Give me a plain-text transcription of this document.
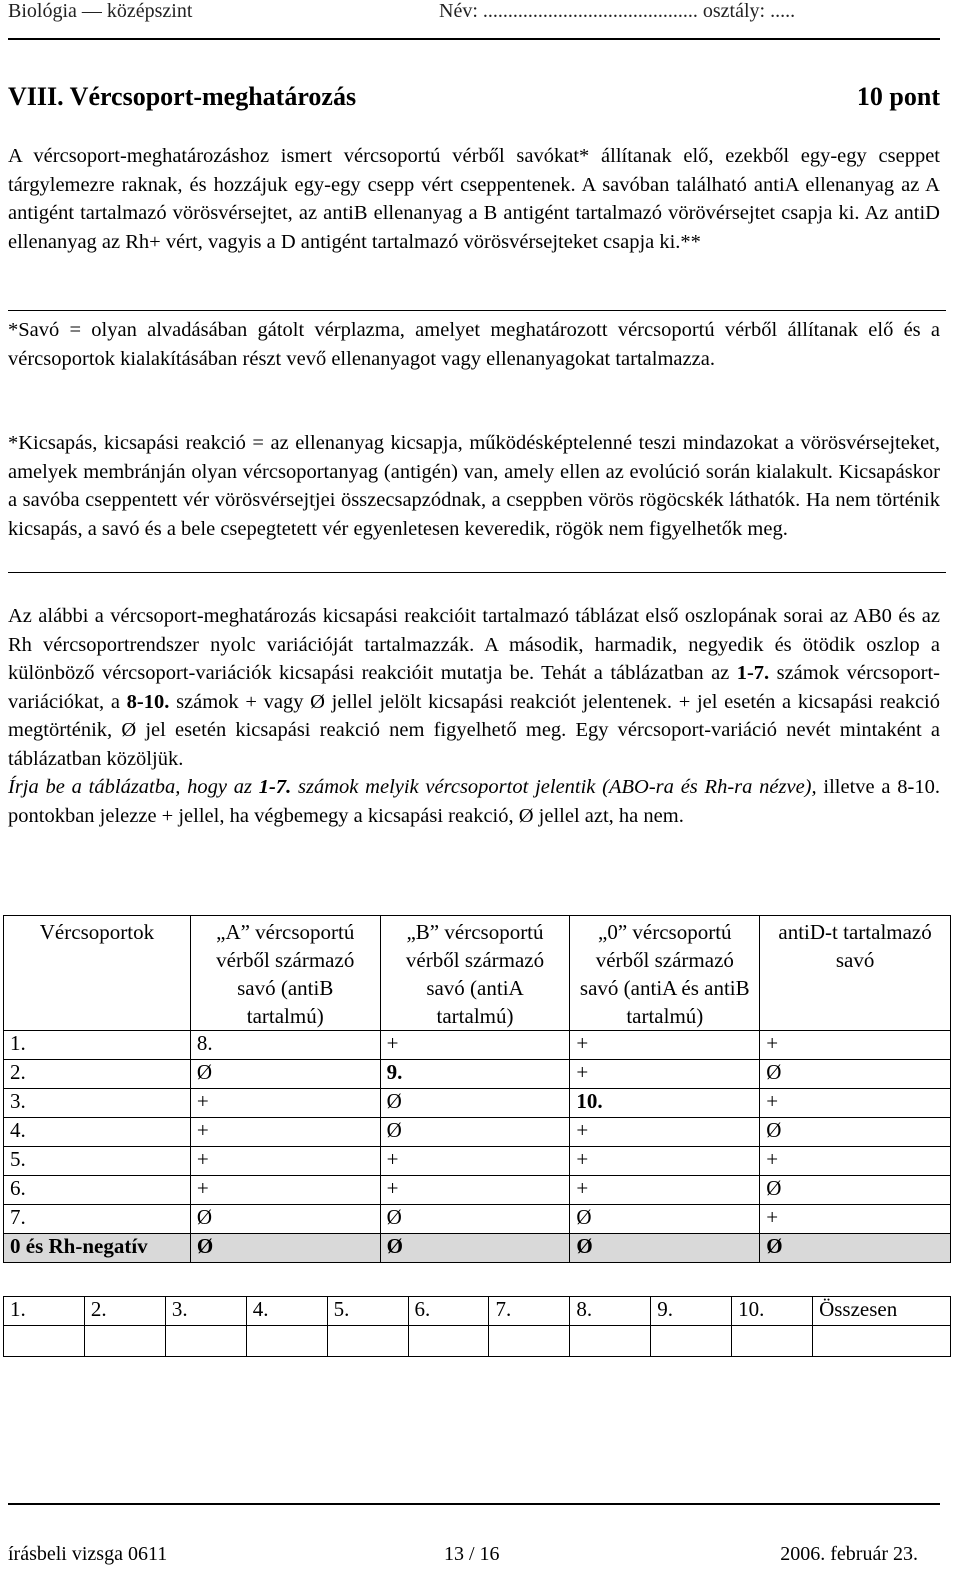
Biológia — középszint	Név: ........................................... osztály: .....
VIII. Vércsoport-meghatározás	10 pont

A vércsoport-meghatározáshoz ismert vércsoportú vérből savókat* állítanak elő, ezekből egy-egy cseppet tárgylemezre raknak, és hozzájuk egy-egy csepp vért cseppentenek. A savóban található antiA ellenanyag az A antigént tartalmazó vörösvérsejtet, az antiB ellenanyag a B antigént tartalmazó vörövérsejtet csapja ki. Az antiD ellenanyag az Rh+ vért, vagyis a D antigént tartalmazó vörösvérsejteket csapja ki.**

*Savó = olyan alvadásában gátolt vérplazma, amelyet meghatározott vércsoportú vérből állítanak elő és a vércsoportok kialakításában részt vevő ellenanyagot vagy ellenanyagokat tartalmazza.

*Kicsapás, kicsapási reakció = az ellenanyag kicsapja, működésképtelenné teszi mindazokat a vörösvérsejteket, amelyek membránján olyan vércsoportanyag (antigén) van, amely ellen az evolúció során kialakult. Kicsapáskor a savóba cseppentett vér vörösvérsejtjei összecsapzódnak, a cseppben vörös rögöcskék láthatók. Ha nem történik kicsapás, a savó és a bele csepegtetett vér egyenletesen keveredik, rögök nem figyelhetők meg.

Az alábbi a vércsoport-meghatározás kicsapási reakcióit tartalmazó táblázat első oszlopának sorai az AB0 és az Rh vércsoportrendszer nyolc variációját tartalmazzák. A második, harmadik, negyedik és ötödik oszlop a különböző vércsoport-variációk kicsapási reakcióit mutatja be. Tehát a táblázatban az 1-7. számok vércsoport-variációkat, a 8-10. számok + vagy Ø jellel jelölt kicsapási reakciót jelentenek. + jel esetén a kicsapási reakció megtörténik, Ø jel esetén kicsapási reakció nem figyelhető meg. Egy vércsoport-variáció nevét mintaként a táblázatban közöljük.

Írja be a táblázatba, hogy az 1-7. számok melyik vércsoportot jelentik (ABO-ra és Rh-ra nézve), illetve a 8-10. pontokban jelezze + jellel, ha végbemegy a kicsapási reakció, Ø jellel azt, ha nem.

Vércsoportok	„A” vércsoportú vérből származó savó (antiB tartalmú)	„B” vércsoportú vérből származó savó (antiA tartalmú)	„0” vércsoportú vérből származó savó (antiA és antiB tartalmú)	antiD-t tartalmazó savó
1.	8.	+	+	+
2.	Ø	9.	+	Ø
3.	+	Ø	10.	+
4.	+	Ø	+	Ø
5.	+	+	+	+
6.	+	+	+	Ø
7.	Ø	Ø	Ø	+
0 és Rh-negatív	Ø	Ø	Ø	Ø
1.	2.	3.	4.	5.	6.	7.	8.	9.	10.	Összesen

írásbeli vizsga 0611	13 / 16	2006. február 23.
